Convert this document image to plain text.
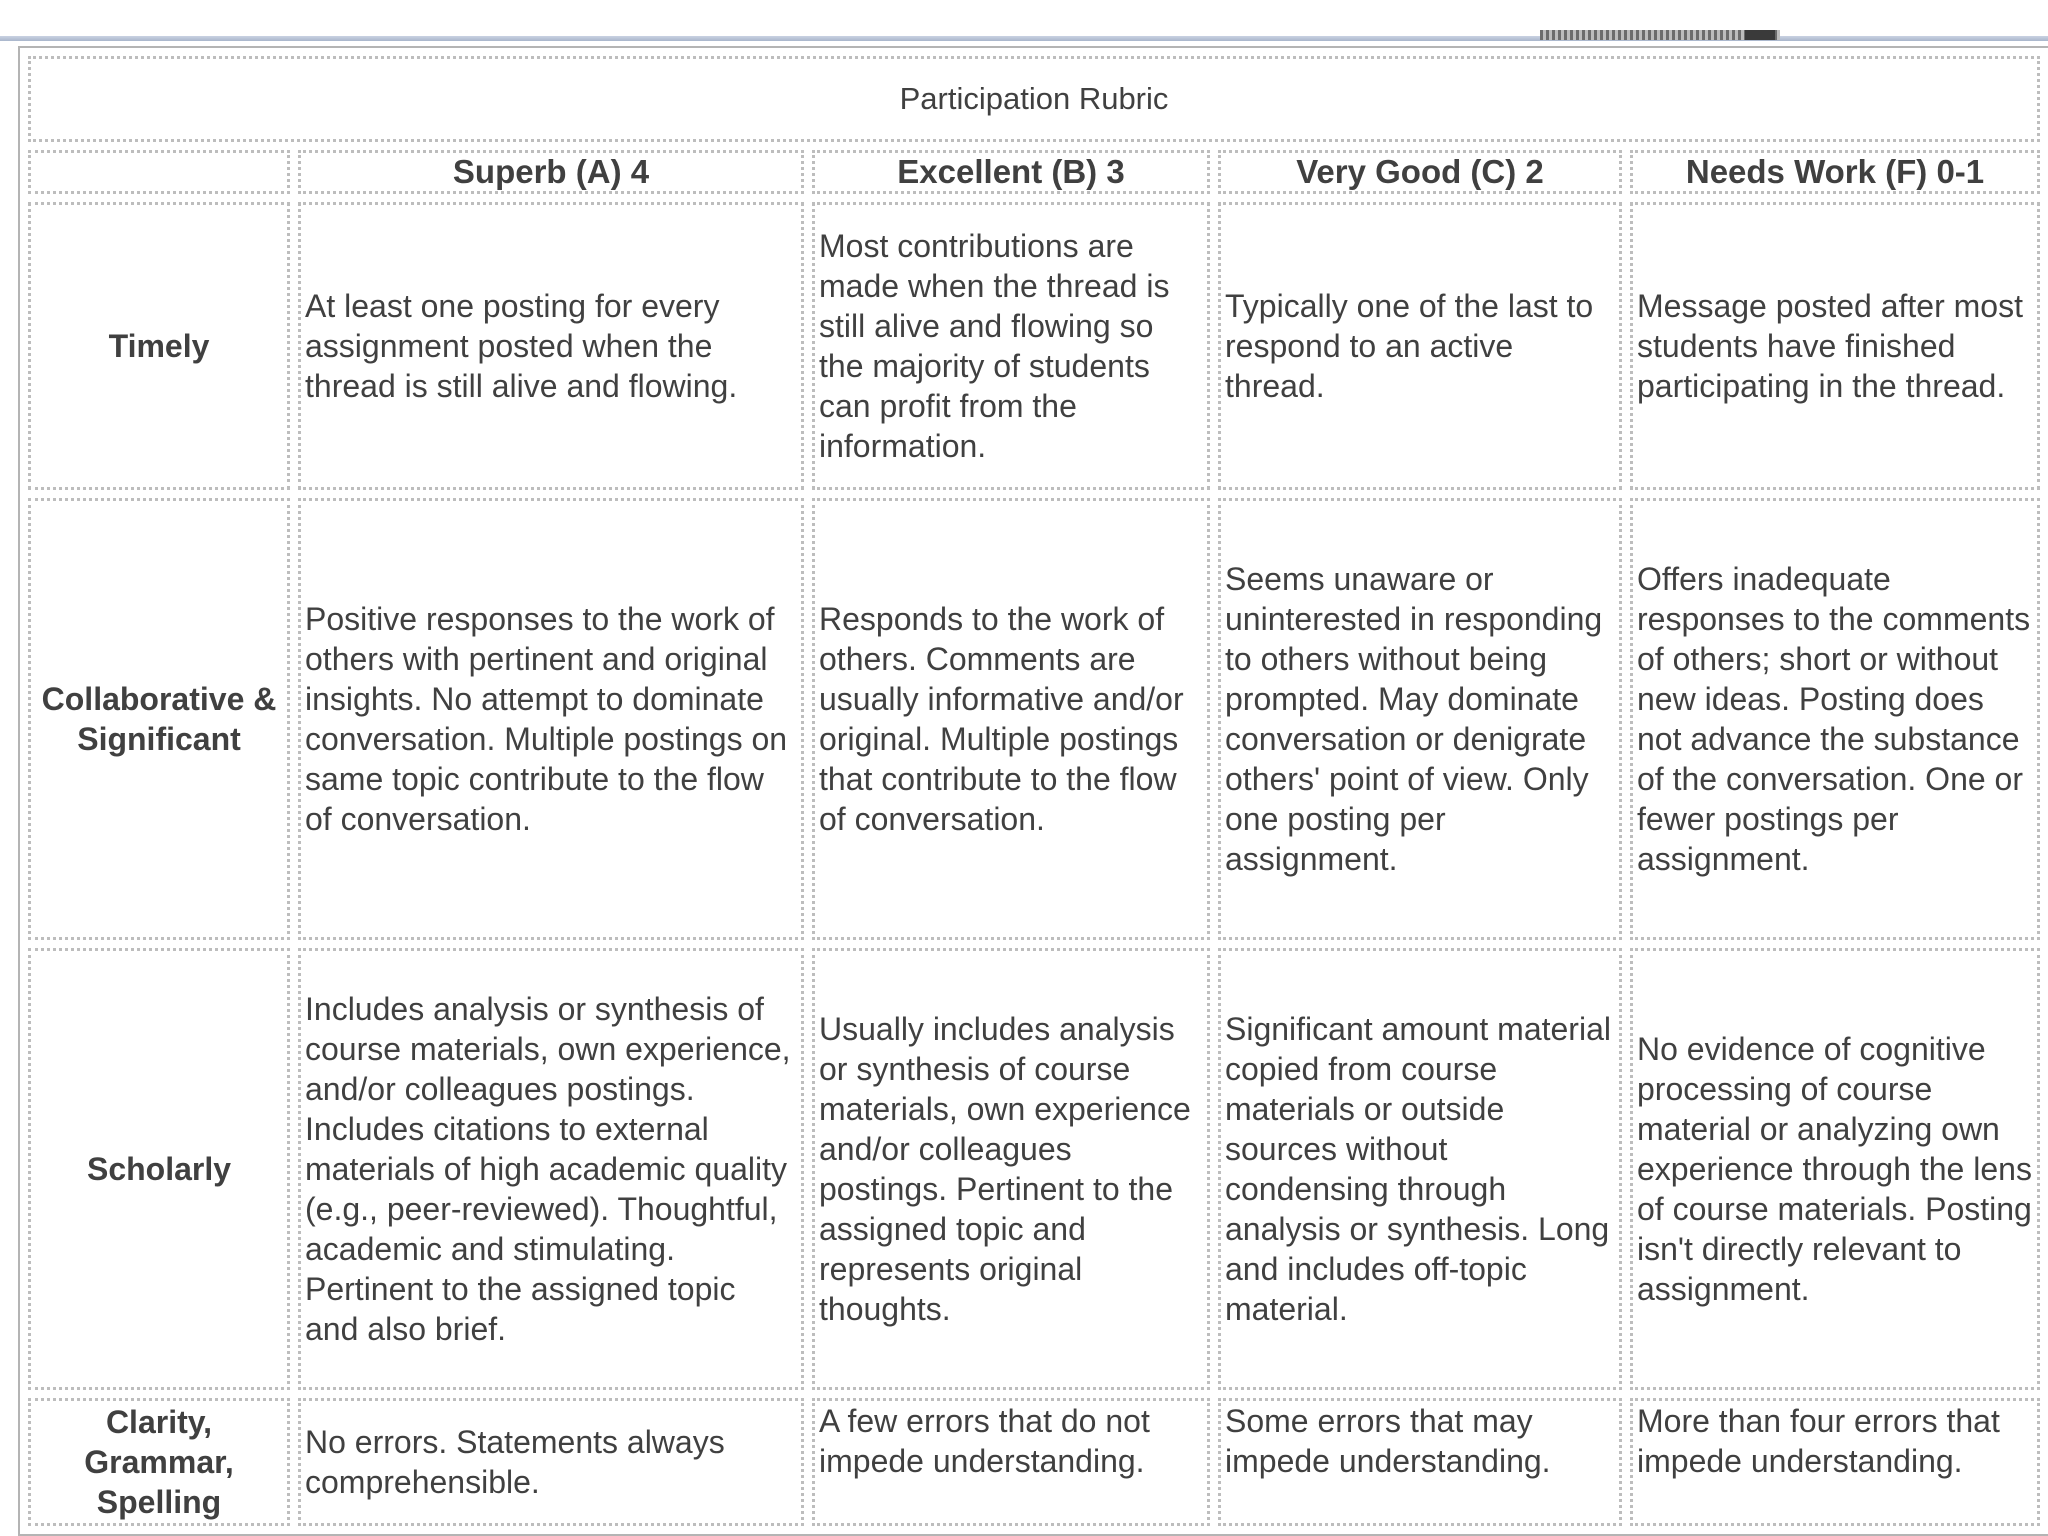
Participation Rubric				
	Superb (A) 4	Excellent (B) 3	Very Good (C) 2	Needs Work (F) 0-1
Timely	At least one posting for every assignment posted when the thread is still alive and flowing.	Most contributions are made when the thread is still alive and flowing so the majority of students can profit from the information.	Typically one of the last to respond to an active thread.	Message posted after most students have finished participating in the thread.
Collaborative & Significant	Positive responses to the work of others with pertinent and original insights. No attempt to dominate conversation. Multiple postings on same topic contribute to the flow of conversation.	Responds to the work of others. Comments are usually informative and/or original. Multiple postings that contribute to the flow of conversation.	Seems unaware or uninterested in responding to others without being prompted. May dominate conversation or denigrate others' point of view. Only one posting per assignment.	Offers inadequate responses to the comments of others; short or without new ideas. Posting does not advance the substance of the conversation. One or fewer postings per assignment.
Scholarly	Includes analysis or synthesis of course materials, own experience, and/or colleagues postings. Includes citations to external materials of high academic quality (e.g., peer-reviewed). Thoughtful, academic and stimulating. Pertinent to the assigned topic and also brief.	Usually includes analysis or synthesis of course materials, own experience and/or colleagues postings. Pertinent to the assigned topic and represents original thoughts.	Significant amount material copied from course materials or outside sources without condensing through analysis or synthesis. Long and includes off-topic material.	No evidence of cognitive processing of course material or analyzing own experience through the lens of course materials. Posting isn't directly relevant to assignment.
Clarity, Grammar, Spelling	No errors. Statements always comprehensible.	A few errors that do not impede understanding.	Some errors that may impede understanding.	More than four errors that impede understanding.
